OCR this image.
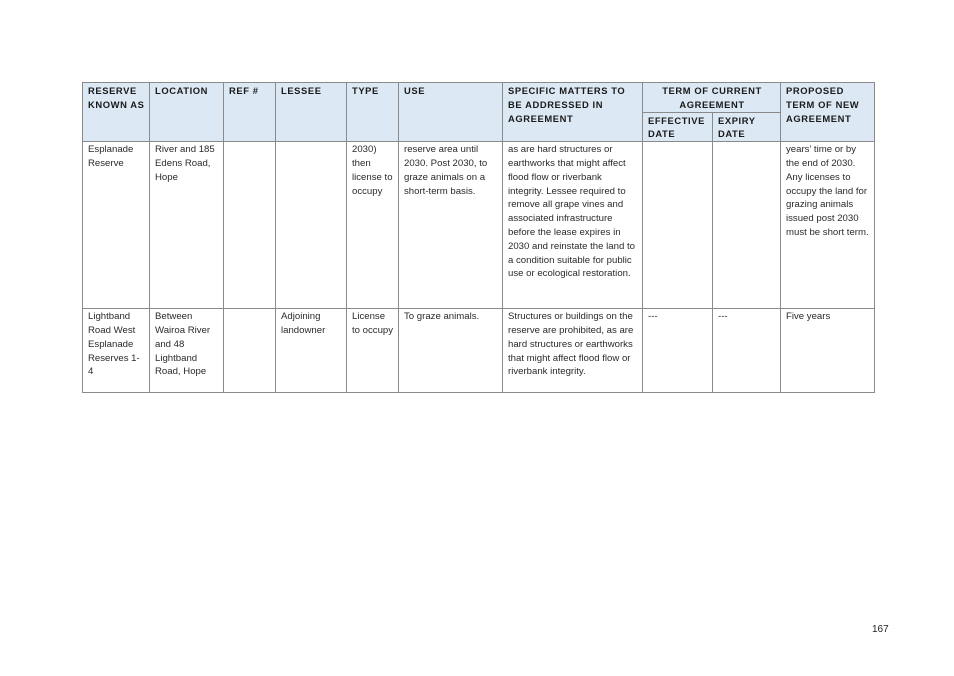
RESERVE KNOWN AS	LOCATION	REF #	LESSEE	TYPE	USE	SPECIFIC MATTERS TO BE ADDRESSED IN AGREEMENT	TERM OF CURRENT AGREEMENT		PROPOSED TERM OF NEW AGREEMENT
							EFFECTIVE DATE	EXPIRY DATE	
Esplanade Reserve	River and 185 Edens Road, Hope			2030) then license to occupy	reserve area until 2030. Post 2030, to graze animals on a short-term basis.	as are hard structures or earthworks that might affect flood flow or riverbank integrity. Lessee required to remove all grape vines and associated infrastructure before the lease expires in 2030 and reinstate the land to a condition suitable for public use or ecological restoration.			years’ time or by the end of 2030. Any licenses to occupy the land for grazing animals issued post 2030 must be short term.
Lightband Road West Esplanade Reserves 1-4	Between Wairoa River and 48 Lightband Road, Hope		Adjoining landowner	License to occupy	To graze animals.	Structures or buildings on the reserve are prohibited, as are hard structures or earthworks that might affect flood flow or riverbank integrity.	---	---	Five years
167
